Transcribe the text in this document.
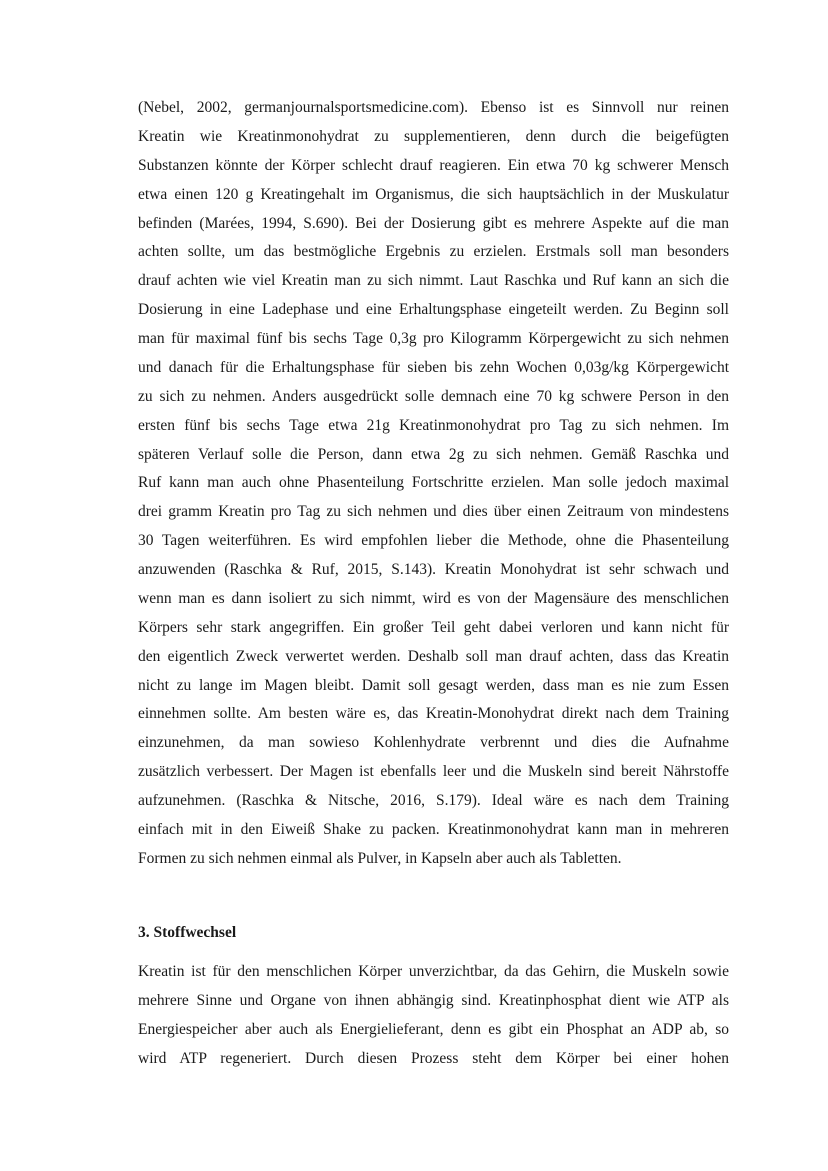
(Nebel, 2002, germanjournalsportsmedicine.com). Ebenso ist es Sinnvoll nur reinen
Kreatin wie Kreatinmonohydrat zu supplementieren, denn durch die beigefügten
Substanzen könnte der Körper schlecht drauf reagieren. Ein etwa 70 kg schwerer Mensch
etwa einen 120 g Kreatingehalt im Organismus, die sich hauptsächlich in der Muskulatur
befinden (Marées, 1994, S.690). Bei der Dosierung gibt es mehrere Aspekte auf die man
achten sollte, um das bestmögliche Ergebnis zu erzielen. Erstmals soll man besonders
drauf achten wie viel Kreatin man zu sich nimmt. Laut Raschka und Ruf kann an sich die
Dosierung in eine Ladephase und eine Erhaltungsphase eingeteilt werden. Zu Beginn soll
man für maximal fünf bis sechs Tage 0,3g pro Kilogramm Körpergewicht zu sich nehmen
und danach für die Erhaltungsphase für sieben bis zehn Wochen 0,03g/kg Körpergewicht
zu sich zu nehmen. Anders ausgedrückt solle demnach eine 70 kg schwere Person in den
ersten fünf bis sechs Tage etwa 21g Kreatinmonohydrat pro Tag zu sich nehmen. Im
späteren Verlauf solle die Person, dann etwa 2g zu sich nehmen. Gemäß Raschka und
Ruf kann man auch ohne Phasenteilung Fortschritte erzielen. Man solle jedoch maximal
drei gramm Kreatin pro Tag zu sich nehmen und dies über einen Zeitraum von mindestens
30 Tagen weiterführen. Es wird empfohlen lieber die Methode, ohne die Phasenteilung
anzuwenden (Raschka & Ruf, 2015, S.143). Kreatin Monohydrat ist sehr schwach und
wenn man es dann isoliert zu sich nimmt, wird es von der Magensäure des menschlichen
Körpers sehr stark angegriffen. Ein großer Teil geht dabei verloren und kann nicht für
den eigentlich Zweck verwertet werden. Deshalb soll man drauf achten, dass das Kreatin
nicht zu lange im Magen bleibt. Damit soll gesagt werden, dass man es nie zum Essen
einnehmen sollte. Am besten wäre es, das Kreatin-Monohydrat direkt nach dem Training
einzunehmen, da man sowieso Kohlenhydrate verbrennt und dies die Aufnahme
zusätzlich verbessert. Der Magen ist ebenfalls leer und die Muskeln sind bereit Nährstoffe
aufzunehmen. (Raschka & Nitsche, 2016, S.179). Ideal wäre es nach dem Training
einfach mit in den Eiweiß Shake zu packen. Kreatinmonohydrat kann man in mehreren
Formen zu sich nehmen einmal als Pulver, in Kapseln aber auch als Tabletten.
3. Stoffwechsel
Kreatin ist für den menschlichen Körper unverzichtbar, da das Gehirn, die Muskeln sowie
mehrere Sinne und Organe von ihnen abhängig sind. Kreatinphosphat dient wie ATP als
Energiespeicher aber auch als Energielieferant, denn es gibt ein Phosphat an ADP ab, so
wird ATP regeneriert. Durch diesen Prozess steht dem Körper bei einer hohen
